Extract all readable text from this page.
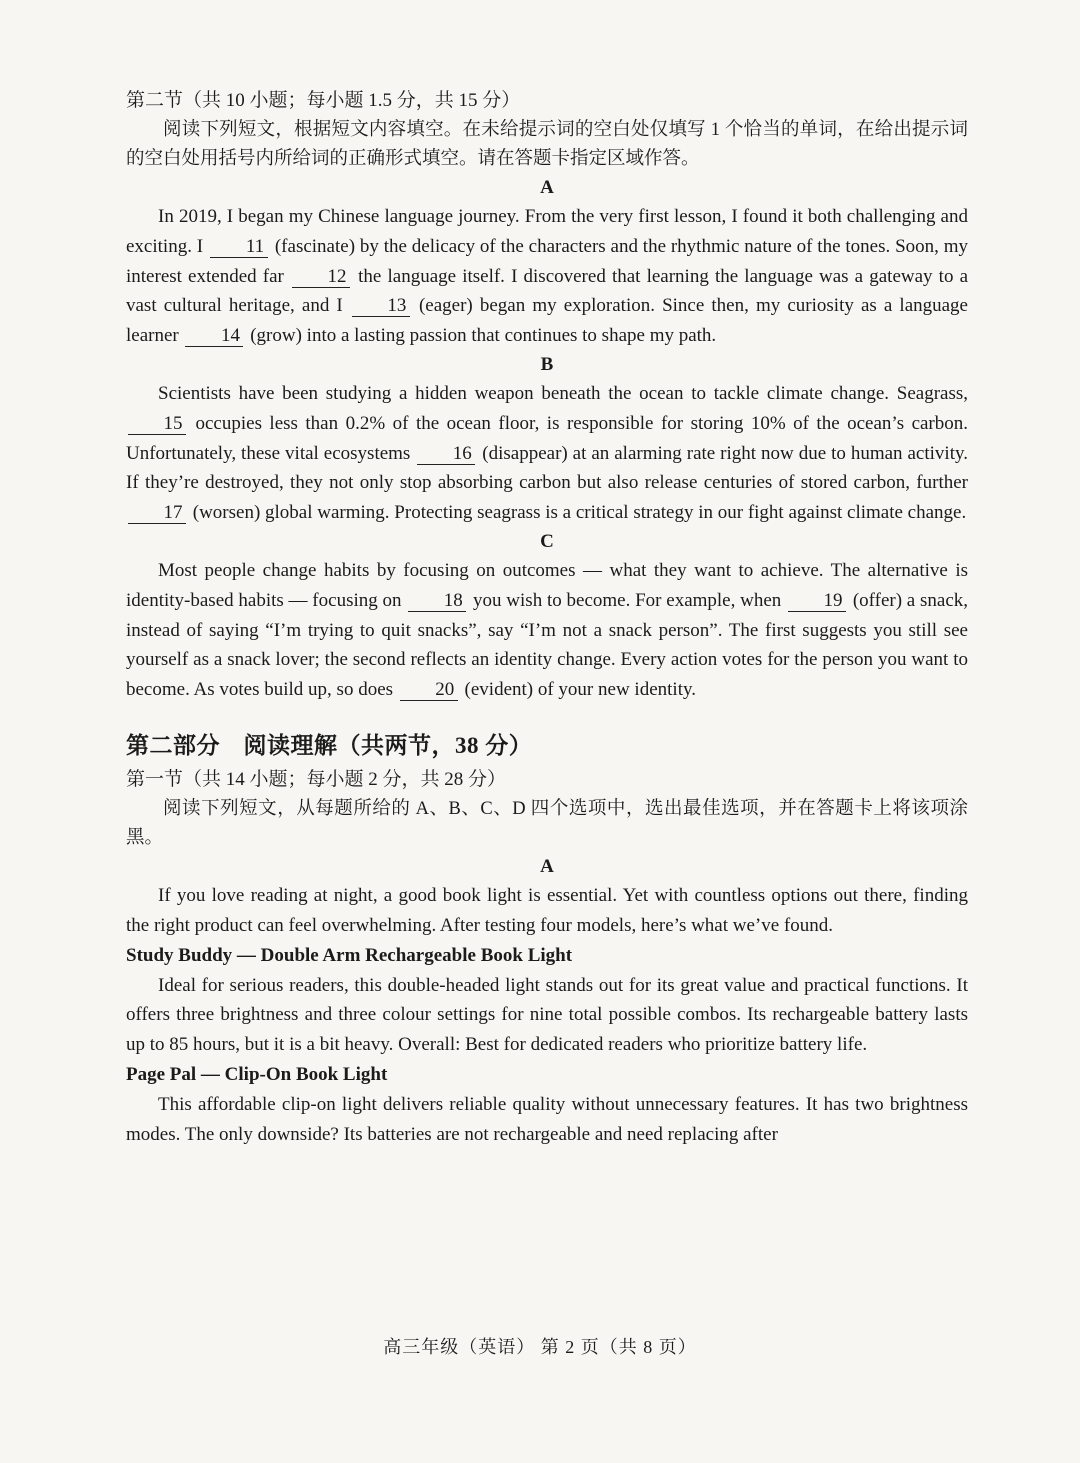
第二节（共 10 小题；每小题 1.5 分，共 15 分）

阅读下列短文，根据短文内容填空。在未给提示词的空白处仅填写 1 个恰当的单词，在给出提示词的空白处用括号内所给词的正确形式填空。请在答题卡指定区域作答。

A

In 2019, I began my Chinese language journey. From the very first lesson, I found it both challenging and exciting. I 11 (fascinate) by the delicacy of the characters and the rhythmic nature of the tones. Soon, my interest extended far 12 the language itself. I discovered that learning the language was a gateway to a vast cultural heritage, and I 13 (eager) began my exploration. Since then, my curiosity as a language learner 14 (grow) into a lasting passion that continues to shape my path.

B

Scientists have been studying a hidden weapon beneath the ocean to tackle climate change. Seagrass, 15 occupies less than 0.2% of the ocean floor, is responsible for storing 10% of the ocean’s carbon. Unfortunately, these vital ecosystems 16 (disappear) at an alarming rate right now due to human activity. If they’re destroyed, they not only stop absorbing carbon but also release centuries of stored carbon, further 17 (worsen) global warming. Protecting seagrass is a critical strategy in our fight against climate change.

C

Most people change habits by focusing on outcomes — what they want to achieve. The alternative is identity-based habits — focusing on 18 you wish to become. For example, when 19 (offer) a snack, instead of saying “I’m trying to quit snacks”, say “I’m not a snack person”. The first suggests you still see yourself as a snack lover; the second reflects an identity change. Every action votes for the person you want to become. As votes build up, so does 20 (evident) of your new identity.

第二部分　阅读理解（共两节，38 分）

第一节（共 14 小题；每小题 2 分，共 28 分）

阅读下列短文，从每题所给的 A、B、C、D 四个选项中，选出最佳选项，并在答题卡上将该项涂黑。

A

If you love reading at night, a good book light is essential. Yet with countless options out there, finding the right product can feel overwhelming. After testing four models, here’s what we’ve found.

Study Buddy — Double Arm Rechargeable Book Light

Ideal for serious readers, this double-headed light stands out for its great value and practical functions. It offers three brightness and three colour settings for nine total possible combos. Its rechargeable battery lasts up to 85 hours, but it is a bit heavy. Overall: Best for dedicated readers who prioritize battery life.

Page Pal — Clip-On Book Light

This affordable clip-on light delivers reliable quality without unnecessary features. It has two brightness modes. The only downside? Its batteries are not rechargeable and need replacing after

高三年级（英语） 第 2 页（共 8 页）
